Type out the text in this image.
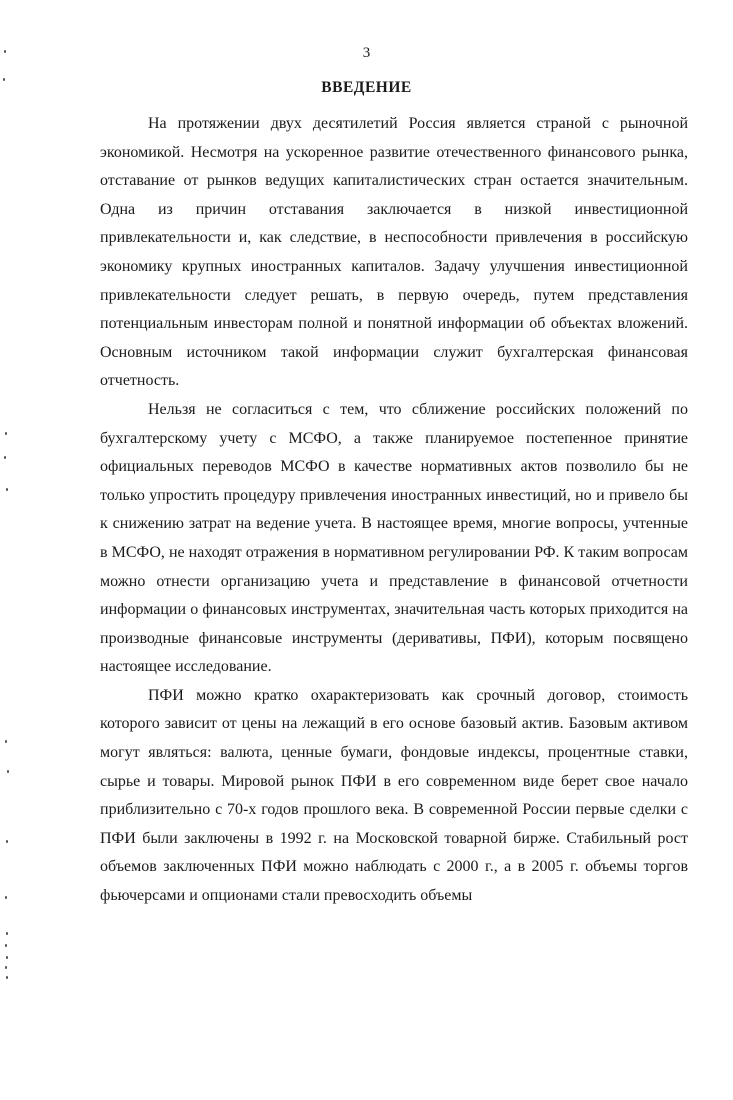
3
ВВЕДЕНИЕ

На протяжении двух десятилетий Россия является страной с рыночной экономикой. Несмотря на ускоренное развитие отечественного финансового рынка, отставание от рынков ведущих капиталистических стран остается значительным. Одна из причин отставания заключается в низкой инвестиционной привлекательности и, как следствие, в неспособности привлечения в российскую экономику крупных иностранных капиталов. Задачу улучшения инвестиционной привлекательности следует решать, в первую очередь, путем представления потенциальным инвесторам полной и понятной информации об объектах вложений. Основным источником такой информации служит бухгалтерская финансовая отчетность.

Нельзя не согласиться с тем, что сближение российских положений по бухгалтерскому учету с МСФО, а также планируемое постепенное принятие официальных переводов МСФО в качестве нормативных актов позволило бы не только упростить процедуру привлечения иностранных инвестиций, но и привело бы к снижению затрат на ведение учета. В настоящее время, многие вопросы, учтенные в МСФО, не находят отражения в нормативном регулировании РФ. К таким вопросам можно отнести организацию учета и представление в финансовой отчетности информации о финансовых инструментах, значительная часть которых приходится на производные финансовые инструменты (деривативы, ПФИ), которым посвящено настоящее исследование.

ПФИ можно кратко охарактеризовать как срочный договор, стоимость которого зависит от цены на лежащий в его основе базовый актив. Базовым активом могут являться: валюта, ценные бумаги, фондовые индексы, процентные ставки, сырье и товары. Мировой рынок ПФИ в его современном виде берет свое начало приблизительно с 70-х годов прошлого века. В современной России первые сделки с ПФИ были заключены в 1992 г. на Московской товарной бирже. Стабильный рост объемов заключенных ПФИ можно наблюдать с 2000 г., а в 2005 г. объемы торгов фьючерсами и опционами стали превосходить объемы
